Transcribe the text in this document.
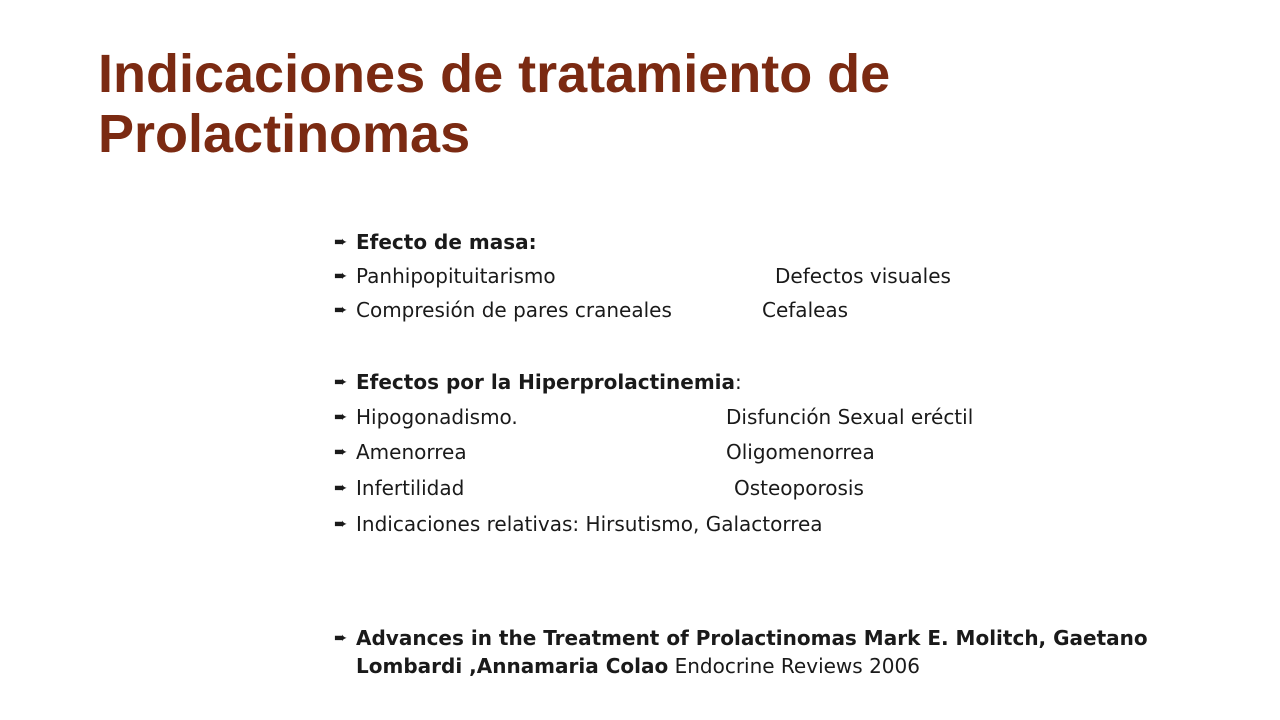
Indicaciones de tratamiento de
Prolactinomas
➨ Efecto de masa:
➨ Panhipopituitarismo	Defectos visuales
➨ Compresión de pares craneales	Cefaleas
➨ Efectos por la Hiperprolactinemia:
➨ Hipogonadismo.	Disfunción Sexual eréctil
➨ Amenorrea	Oligomenorrea
➨ Infertilidad	Osteoporosis
➨ Indicaciones relativas: Hirsutismo, Galactorrea
➨ Advances in the Treatment of Prolactinomas Mark E. Molitch, Gaetano Lombardi ,Annamaria Colao Endocrine Reviews 2006
